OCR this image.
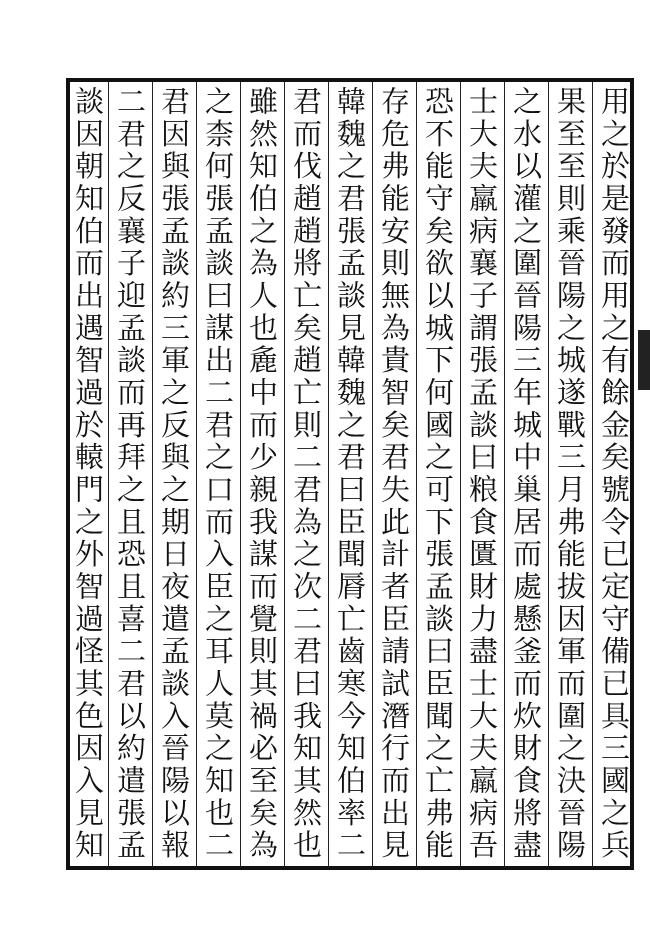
用之於是發而用之有餘金矣號令已定守備已具三國之兵
果至至則乘晉陽之城遂戰三月弗能拔因軍而圍之決晉陽
之水以灌之圍晉陽三年城中巢居而處懸釜而炊財食將盡
士大夫羸病襄子謂張孟談曰粮食匱財力盡士大夫羸病吾
恐不能守矣欲以城下何國之可下張孟談曰臣聞之亡弗能
存危弗能安則無為貴智矣君失此計者臣請試潛行而出見
韓魏之君張孟談見韓魏之君曰臣聞脣亡齒寒今知伯率二
君而伐趙趙將亡矣趙亡則二君為之次二君曰我知其然也
雖然知伯之為人也麁中而少親我謀而覺則其禍必至矣為
之柰何張孟談曰謀出二君之口而入臣之耳人莫之知也二
君因與張孟談約三軍之反與之期日夜遣孟談入晉陽以報
二君之反襄子迎孟談而再拜之且恐且喜二君以約遣張孟
談因朝知伯而出遇智過於轅門之外智過怪其色因入見知
